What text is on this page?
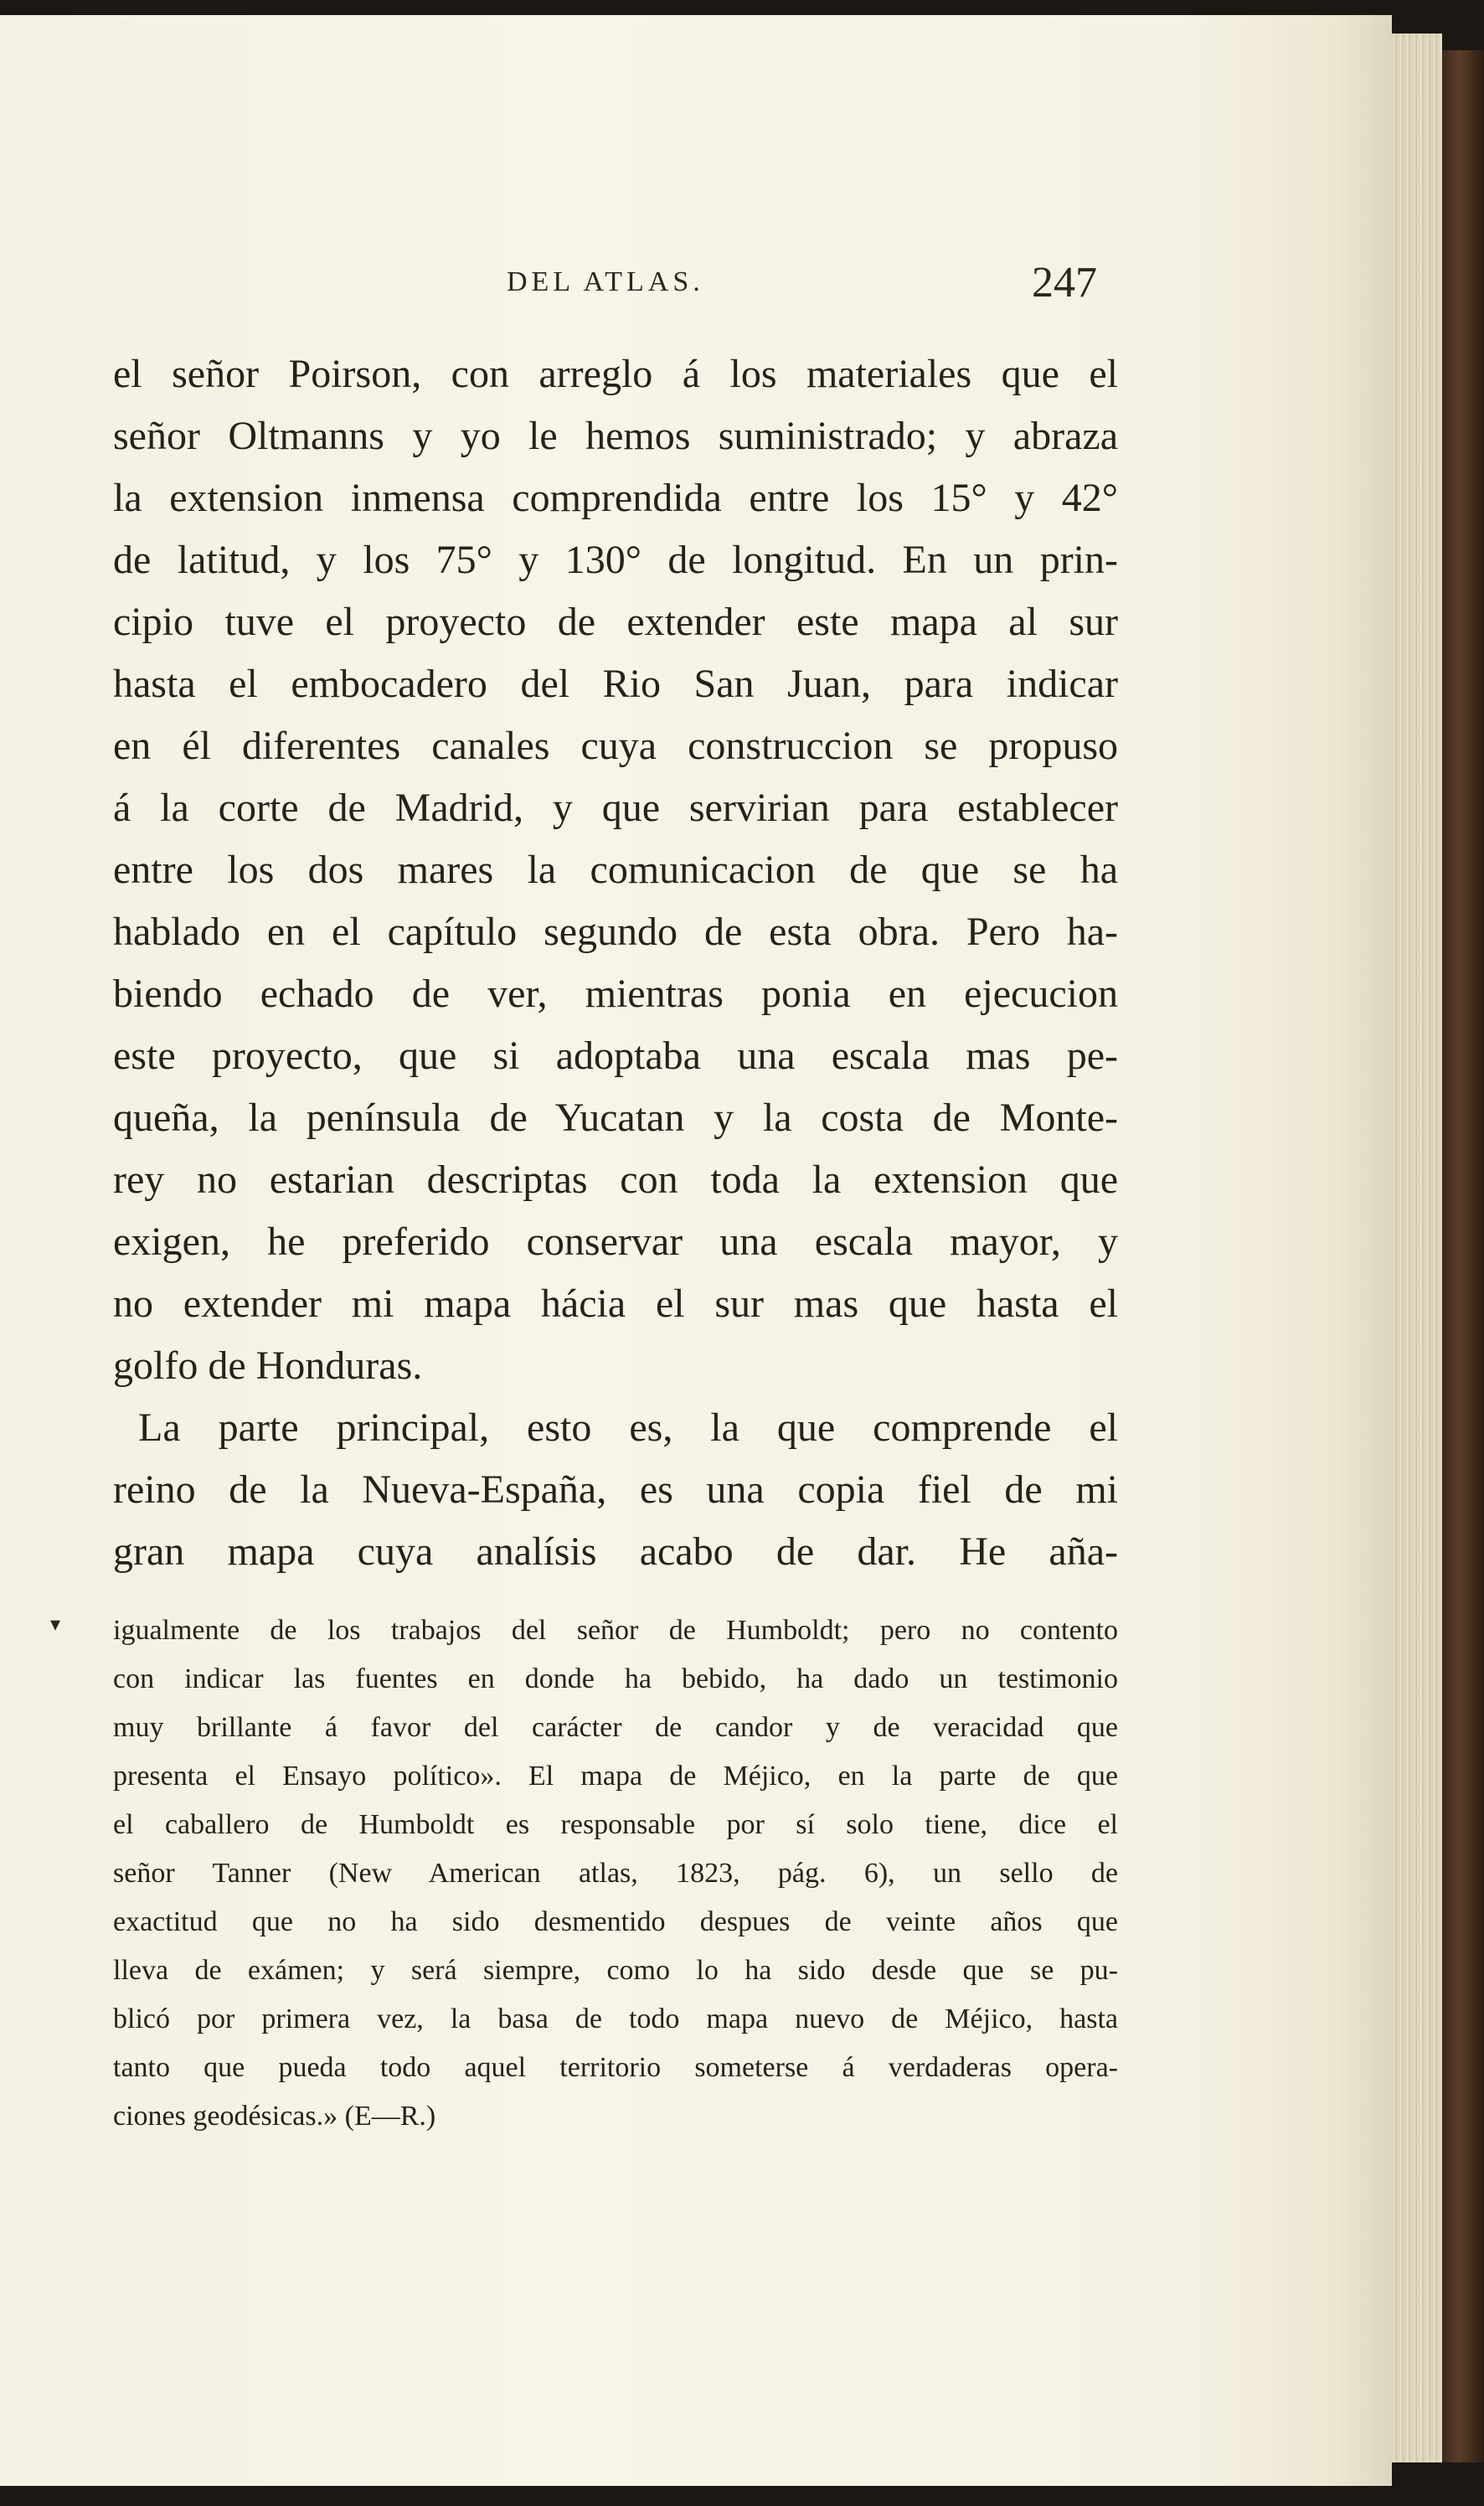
DEL ATLAS.	247
el señor Poirson, con arreglo á los materiales que el
señor Oltmanns y yo le hemos suministrado; y abraza
la extension inmensa comprendida entre los 15° y 42°
de latitud, y los 75° y 130° de longitud. En un prin-
cipio tuve el proyecto de extender este mapa al sur
hasta el embocadero del Rio San Juan, para indicar
en él diferentes canales cuya construccion se propuso
á la corte de Madrid, y que servirian para establecer
entre los dos mares la comunicacion de que se ha
hablado en el capítulo segundo de esta obra. Pero ha-
biendo echado de ver, mientras ponia en ejecucion
este proyecto, que si adoptaba una escala mas pe-
queña, la península de Yucatan y la costa de Monte-
rey no estarian descriptas con toda la extension que
exigen, he preferido conservar una escala mayor, y
no extender mi mapa hácia el sur mas que hasta el
golfo de Honduras.
La parte principal, esto es, la que comprende el
reino de la Nueva-España, es una copia fiel de mi
gran mapa cuya analísis acabo de dar. He aña-
▾ igualmente de los trabajos del señor de Humboldt; pero no contento
con indicar las fuentes en donde ha bebido, ha dado un testimonio
muy brillante á favor del carácter de candor y de veracidad que
presenta el Ensayo político». El mapa de Méjico, en la parte de que
el caballero de Humboldt es responsable por sí solo tiene, dice el
señor Tanner (New American atlas, 1823, pág. 6), un sello de
exactitud que no ha sido desmentido despues de veinte años que
lleva de exámen; y será siempre, como lo ha sido desde que se pu-
blicó por primera vez, la basa de todo mapa nuevo de Méjico, hasta
tanto que pueda todo aquel territorio someterse á verdaderas opera-
ciones geodésicas.» (E—R.)
